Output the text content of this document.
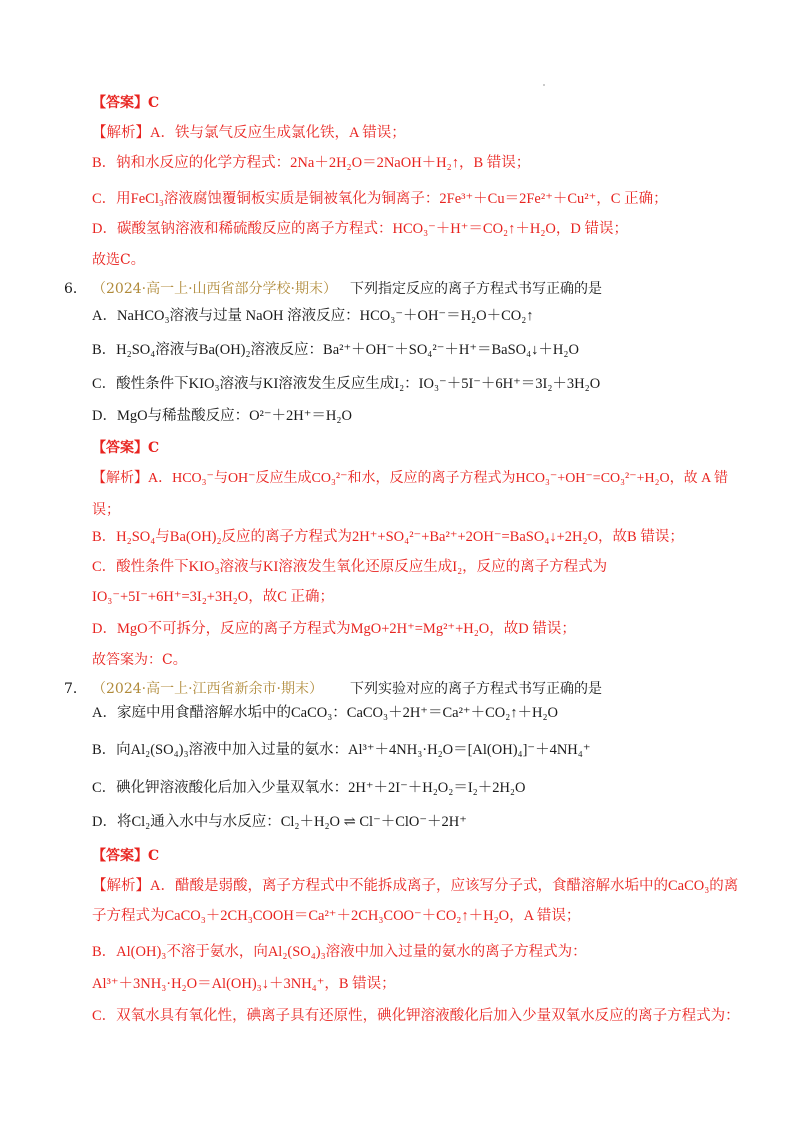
【答案】C
【解析】A．铁与氯气反应生成氯化铁，A 错误；
B．钠和水反应的化学方程式：2Na＋2H₂O＝2NaOH＋H₂↑，B 错误；
C．用FeCl₃溶液腐蚀覆铜板实质是铜被氧化为铜离子：2Fe³⁺＋Cu＝2Fe²⁺＋Cu²⁺，C 正确；
D．碳酸氢钠溶液和稀硫酸反应的离子方程式：HCO₃⁻＋H⁺＝CO₂↑＋H₂O，D 错误；
故选C。
6． （2024·高一上·山西省部分学校·期末） 下列指定反应的离子方程式书写正确的是
A．NaHCO₃溶液与过量 NaOH 溶液反应：HCO₃⁻＋OH⁻＝H₂O＋CO₂↑
B．H₂SO₄溶液与Ba(OH)₂溶液反应：Ba²⁺＋OH⁻＋SO₄²⁻＋H⁺＝BaSO₄↓＋H₂O
C．酸性条件下KIO₃溶液与KI溶液发生反应生成I₂：IO₃⁻＋5I⁻＋6H⁺＝3I₂＋3H₂O
D．MgO与稀盐酸反应：O²⁻＋2H⁺＝H₂O
【答案】C
【解析】A．HCO₃⁻与OH⁻反应生成CO₃²⁻和水，反应的离子方程式为HCO₃⁻+OH⁻=CO₃²⁻+H₂O，故 A 错
误；
B．H₂SO₄与Ba(OH)₂反应的离子方程式为2H⁺+SO₄²⁻+Ba²⁺+2OH⁻=BaSO₄↓+2H₂O，故B 错误；
C．酸性条件下KIO₃溶液与KI溶液发生氧化还原反应生成I₂，反应的离子方程式为
IO₃⁻+5I⁻+6H⁺=3I₂+3H₂O，故C 正确；
D．MgO不可拆分，反应的离子方程式为MgO+2H⁺=Mg²⁺+H₂O，故D 错误；
故答案为：C。
7． （2024·高一上·江西省新余市·期末） 下列实验对应的离子方程式书写正确的是
A．家庭中用食醋溶解水垢中的CaCO₃：CaCO₃＋2H⁺＝Ca²⁺＋CO₂↑＋H₂O
B．向Al₂(SO₄)₃溶液中加入过量的氨水：Al³⁺＋4NH₃·H₂O＝[Al(OH)₄]⁻＋4NH₄⁺
C．碘化钾溶液酸化后加入少量双氧水：2H⁺＋2I⁻＋H₂O₂＝I₂＋2H₂O
D．将Cl₂通入水中与水反应：Cl₂＋H₂O ⇌ Cl⁻＋ClO⁻＋2H⁺
【答案】C
【解析】A．醋酸是弱酸，离子方程式中不能拆成离子，应该写分子式，食醋溶解水垢中的CaCO₃的离
子方程式为CaCO₃＋2CH₃COOH＝Ca²⁺＋2CH₃COO⁻＋CO₂↑＋H₂O，A 错误；
B．Al(OH)₃不溶于氨水，向Al₂(SO₄)₃溶液中加入过量的氨水的离子方程式为：
Al³⁺＋3NH₃·H₂O＝Al(OH)₃↓＋3NH₄⁺，B 错误；
C．双氧水具有氧化性，碘离子具有还原性，碘化钾溶液酸化后加入少量双氧水反应的离子方程式为：
